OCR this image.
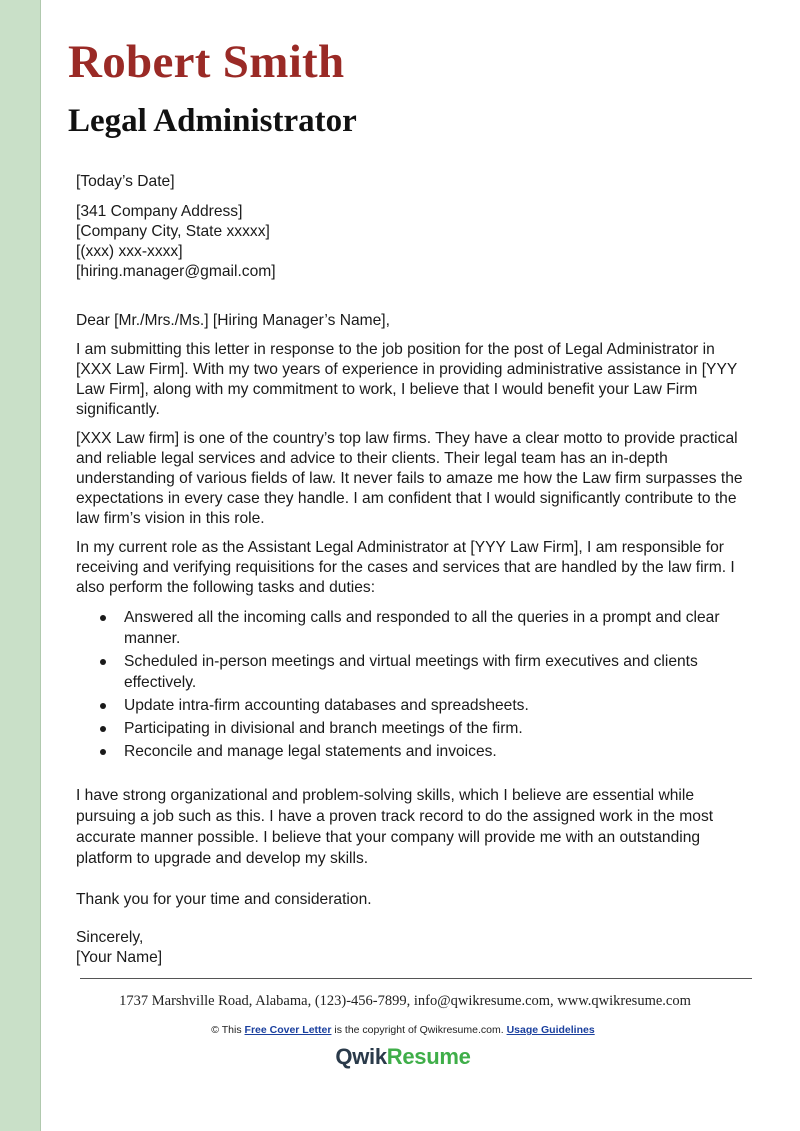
Robert Smith
Legal Administrator

[Today’s Date]

[341 Company Address]

[Company City, State xxxxx]

[(xxx) xxx-xxxx]

[hiring.manager@gmail.com]

Dear [Mr./Mrs./Ms.] [Hiring Manager’s Name],

I am submitting this letter in response to the job position for the post of Legal Administrator in [XXX Law Firm]. With my two years of experience in providing administrative assistance in [YYY Law Firm], along with my commitment to work, I believe that I would benefit your Law Firm significantly.

[XXX Law firm] is one of the country’s top law firms. They have a clear motto to provide practical and reliable legal services and advice to their clients. Their legal team has an in-depth understanding of various fields of law. It never fails to amaze me how the Law firm surpasses the expectations in every case they handle. I am confident that I would significantly contribute to the law firm’s vision in this role.

In my current role as the Assistant Legal Administrator at [YYY Law Firm], I am responsible for receiving and verifying requisitions for the cases and services that are handled by the law firm. I also perform the following tasks and duties:

Answered all the incoming calls and responded to all the queries in a prompt and clear manner.
Scheduled in-person meetings and virtual meetings with firm executives and clients effectively.
Update intra-firm accounting databases and spreadsheets.
Participating in divisional and branch meetings of the firm.
Reconcile and manage legal statements and invoices.

I have strong organizational and problem-solving skills, which I believe are essential while pursuing a job such as this. I have a proven track record to do the assigned work in the most accurate manner possible. I believe that your company will provide me with an outstanding platform to upgrade and develop my skills.

Thank you for your time and consideration.

Sincerely,

[Your Name]

1737 Marshville Road, Alabama, (123)-456-7899, info@qwikresume.com, www.qwikresume.com
© This Free Cover Letter is the copyright of Qwikresume.com. Usage Guidelines
QwikResume
